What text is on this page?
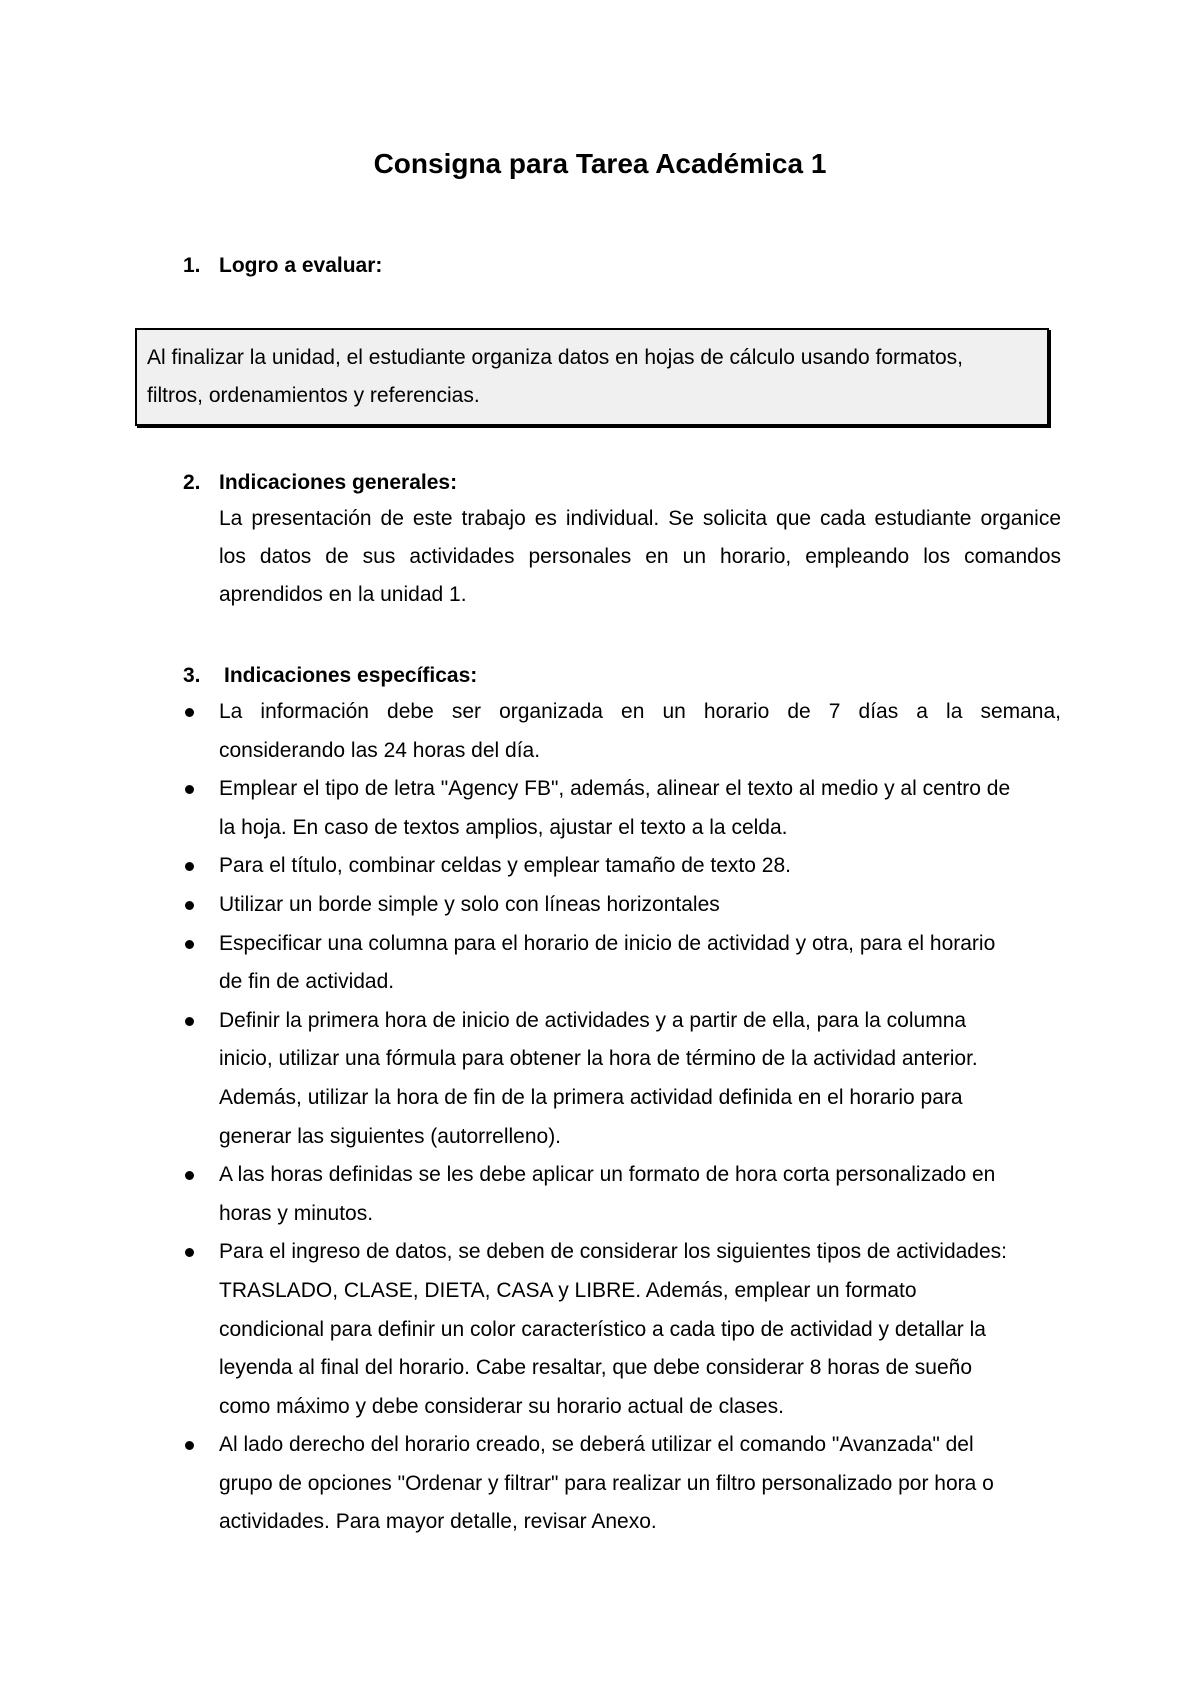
Consigna para Tarea Académica 1
1. Logro a evaluar:
Al finalizar la unidad, el estudiante organiza datos en hojas de cálculo usando formatos,
filtros, ordenamientos y referencias.
2. Indicaciones generales:
La presentación de este trabajo es individual. Se solicita que cada estudiante organice
los datos de sus actividades personales en un horario, empleando los comandos
aprendidos en la unidad 1.
3. Indicaciones específicas:
La información debe ser organizada en un horario de 7 días a la semana,
considerando las 24 horas del día.
Emplear el tipo de letra "Agency FB", además, alinear el texto al medio y al centro de
la hoja. En caso de textos amplios, ajustar el texto a la celda.
Para el título, combinar celdas y emplear tamaño de texto 28.
Utilizar un borde simple y solo con líneas horizontales
Especificar una columna para el horario de inicio de actividad y otra, para el horario
de fin de actividad.
Definir la primera hora de inicio de actividades y a partir de ella, para la columna
inicio, utilizar una fórmula para obtener la hora de término de la actividad anterior.
Además, utilizar la hora de fin de la primera actividad definida en el horario para
generar las siguientes (autorrelleno).
A las horas definidas se les debe aplicar un formato de hora corta personalizado en
horas y minutos.
Para el ingreso de datos, se deben de considerar los siguientes tipos de actividades:
TRASLADO, CLASE, DIETA, CASA y LIBRE. Además, emplear un formato
condicional para definir un color característico a cada tipo de actividad y detallar la
leyenda al final del horario. Cabe resaltar, que debe considerar 8 horas de sueño
como máximo y debe considerar su horario actual de clases.
Al lado derecho del horario creado, se deberá utilizar el comando "Avanzada" del
grupo de opciones "Ordenar y filtrar" para realizar un filtro personalizado por hora o
actividades. Para mayor detalle, revisar Anexo.
